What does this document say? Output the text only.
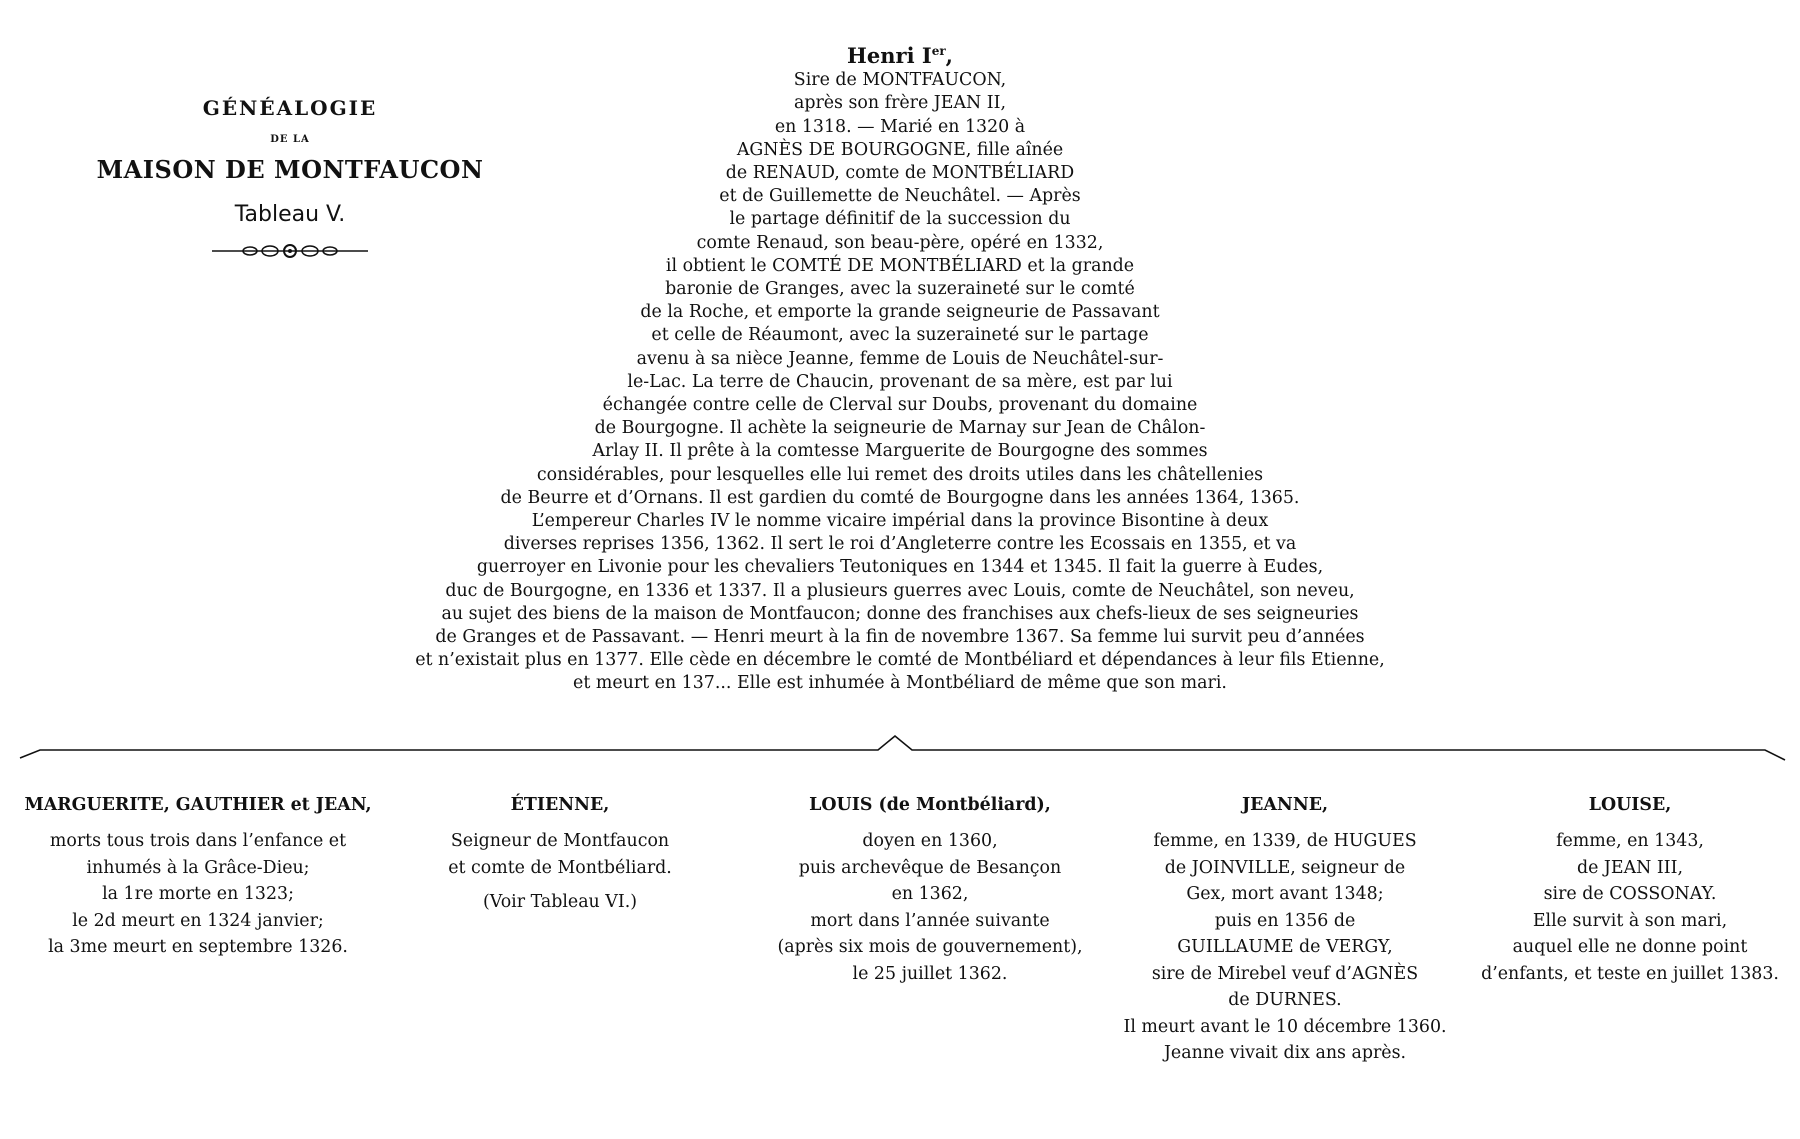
GÉNÉALOGIE
DE LA
MAISON DE MONTFAUCON
Tableau V.
Henri Ier,
Sire de MONTFAUCON,
après son frère JEAN II,
en 1318. — Marié en 1320 à
AGNÈS DE BOURGOGNE, fille aînée
de RENAUD, comte de MONTBÉLIARD
et de Guillemette de Neuchâtel. — Après
le partage définitif de la succession du
comte Renaud, son beau-père, opéré en 1332,
il obtient le COMTÉ DE MONTBÉLIARD et la grande
baronie de Granges, avec la suzeraineté sur le comté
de la Roche, et emporte la grande seigneurie de Passavant
et celle de Réaumont, avec la suzeraineté sur le partage
avenu à sa nièce Jeanne, femme de Louis de Neuchâtel-sur-
le-Lac. La terre de Chaucin, provenant de sa mère, est par lui
échangée contre celle de Clerval sur Doubs, provenant du domaine
de Bourgogne. Il achète la seigneurie de Marnay sur Jean de Châlon-
Arlay II. Il prête à la comtesse Marguerite de Bourgogne des sommes
considérables, pour lesquelles elle lui remet des droits utiles dans les châtellenies
de Beurre et d’Ornans. Il est gardien du comté de Bourgogne dans les années 1364, 1365.
L’empereur Charles IV le nomme vicaire impérial dans la province Bisontine à deux
diverses reprises 1356, 1362. Il sert le roi d’Angleterre contre les Ecossais en 1355, et va
guerroyer en Livonie pour les chevaliers Teutoniques en 1344 et 1345. Il fait la guerre à Eudes,
duc de Bourgogne, en 1336 et 1337. Il a plusieurs guerres avec Louis, comte de Neuchâtel, son neveu,
au sujet des biens de la maison de Montfaucon; donne des franchises aux chefs-lieux de ses seigneuries
de Granges et de Passavant. — Henri meurt à la fin de novembre 1367. Sa femme lui survit peu d’années
et n’existait plus en 1377. Elle cède en décembre le comté de Montbéliard et dépendances à leur fils Etienne,
et meurt en 137... Elle est inhumée à Montbéliard de même que son mari.
MARGUERITE, GAUTHIER et JEAN,
morts tous trois dans l’enfance et
inhumés à la Grâce-Dieu;
la 1re morte en 1323;
le 2d meurt en 1324 janvier;
la 3me meurt en septembre 1326.
ÉTIENNE,
Seigneur de Montfaucon
et comte de Montbéliard.
(Voir Tableau VI.)
LOUIS (de Montbéliard),
doyen en 1360,
puis archevêque de Besançon
en 1362,
mort dans l’année suivante
(après six mois de gouvernement),
le 25 juillet 1362.
JEANNE,
femme, en 1339, de HUGUES
de JOINVILLE, seigneur de
Gex, mort avant 1348;
puis en 1356 de
GUILLAUME de VERGY,
sire de Mirebel veuf d’AGNÈS
de DURNES.
Il meurt avant le 10 décembre 1360.
Jeanne vivait dix ans après.
LOUISE,
femme, en 1343,
de JEAN III,
sire de COSSONAY.
Elle survit à son mari,
auquel elle ne donne point
d’enfants, et teste en juillet 1383.
